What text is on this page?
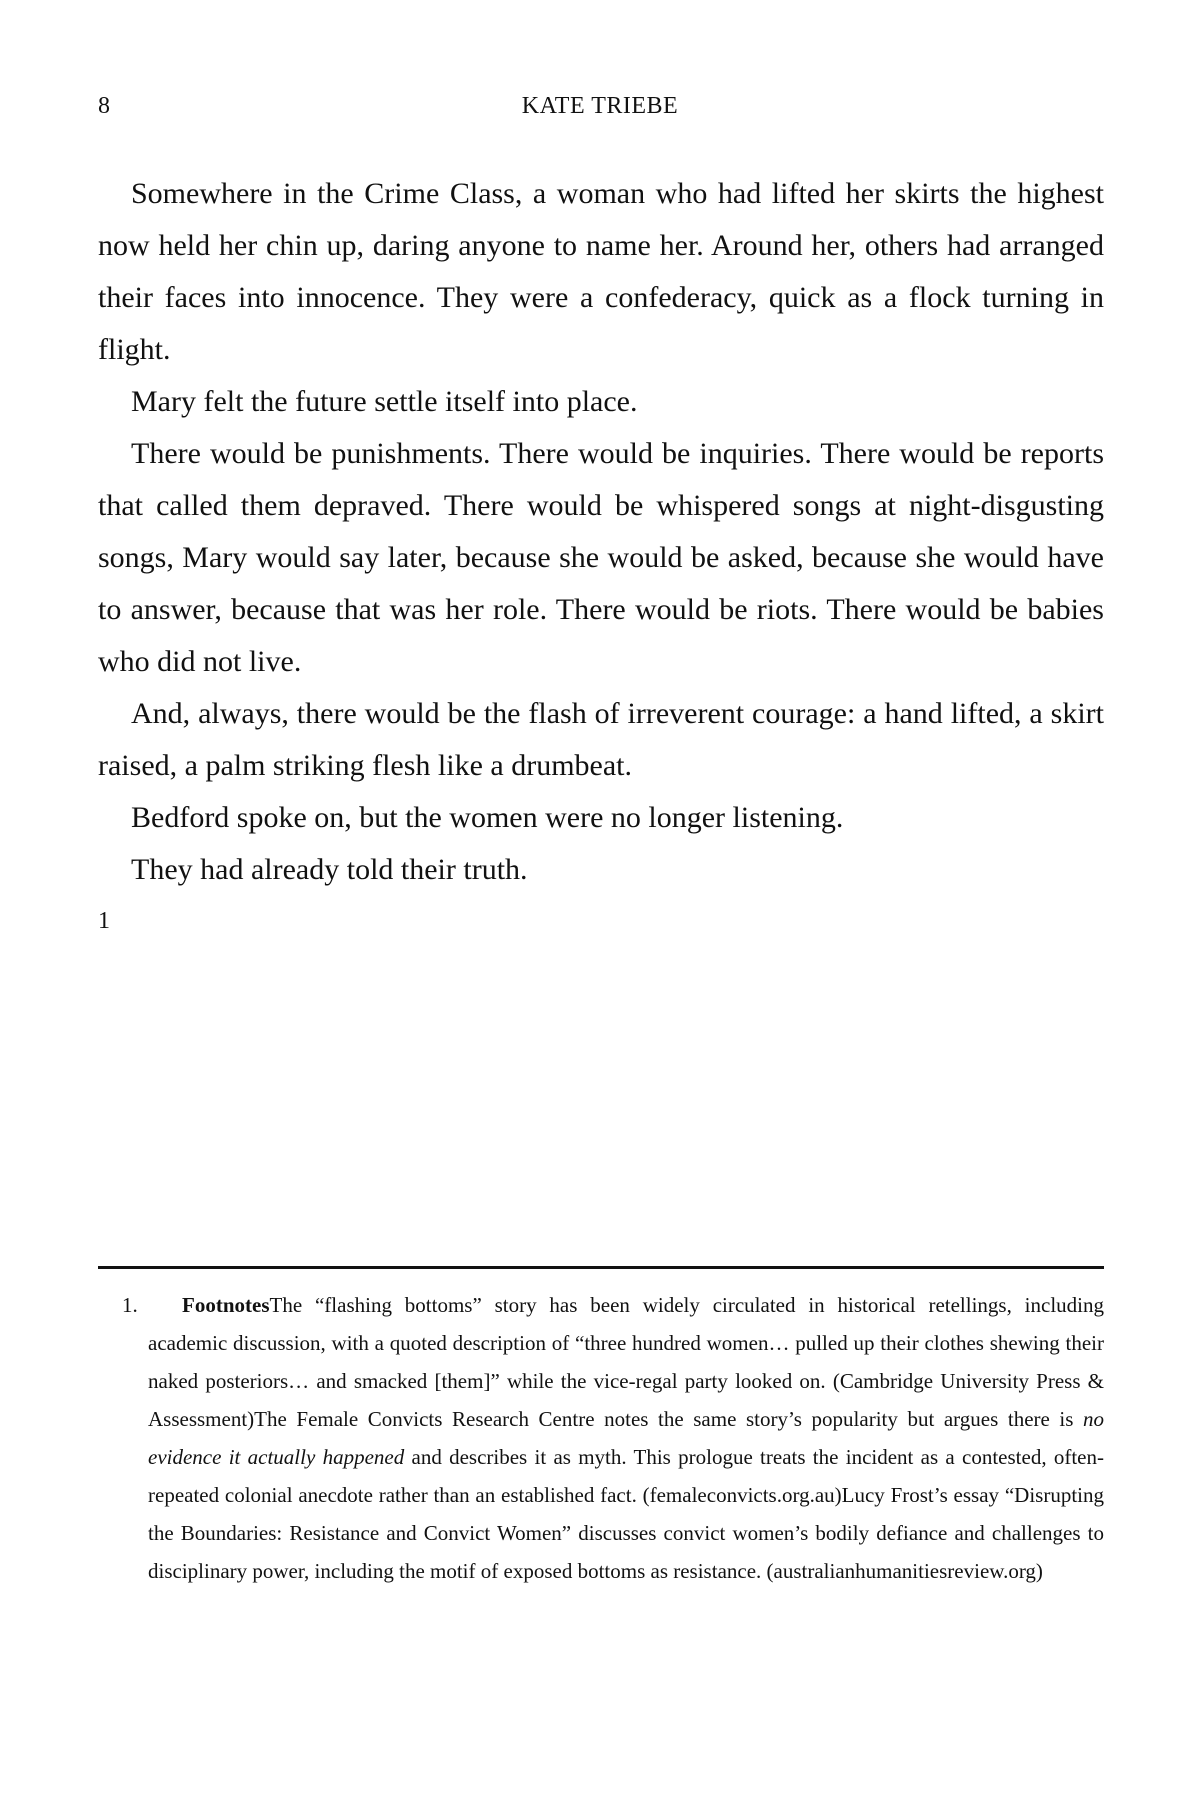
8	KATE TRIEBE

Somewhere in the Crime Class, a woman who had lifted her skirts the highest now held her chin up, daring anyone to name her. Around her, others had arranged their faces into innocence. They were a confederacy, quick as a flock turning in flight.

Mary felt the future settle itself into place.

There would be punishments. There would be inquiries. There would be reports that called them depraved. There would be whispered songs at night-disgusting songs, Mary would say later, because she would be asked, because she would have to answer, because that was her role. There would be riots. There would be babies who did not live.

And, always, there would be the flash of irreverent courage: a hand lifted, a skirt raised, a palm striking flesh like a drumbeat.

Bedford spoke on, but the women were no longer listening.

They had already told their truth.

1
1.	FootnotesThe “flashing bottoms” story has been widely circulated in historical retellings, including academic discussion, with a quoted description of “three hundred women… pulled up their clothes shewing their naked posteriors… and smacked [them]” while the vice-regal party looked on. (Cambridge University Press & Assessment)The Female Convicts Research Centre notes the same story’s popularity but argues there is no evidence it actually happened and describes it as myth. This prologue treats the incident as a contested, often-repeated colonial anecdote rather than an established fact. (femaleconvicts.org.au)Lucy Frost’s essay “Disrupting the Boundaries: Resistance and Convict Women” discusses convict women’s bodily defiance and challenges to disciplinary power, including the motif of exposed bottoms as resistance. (australianhumanitiesreview.org)
